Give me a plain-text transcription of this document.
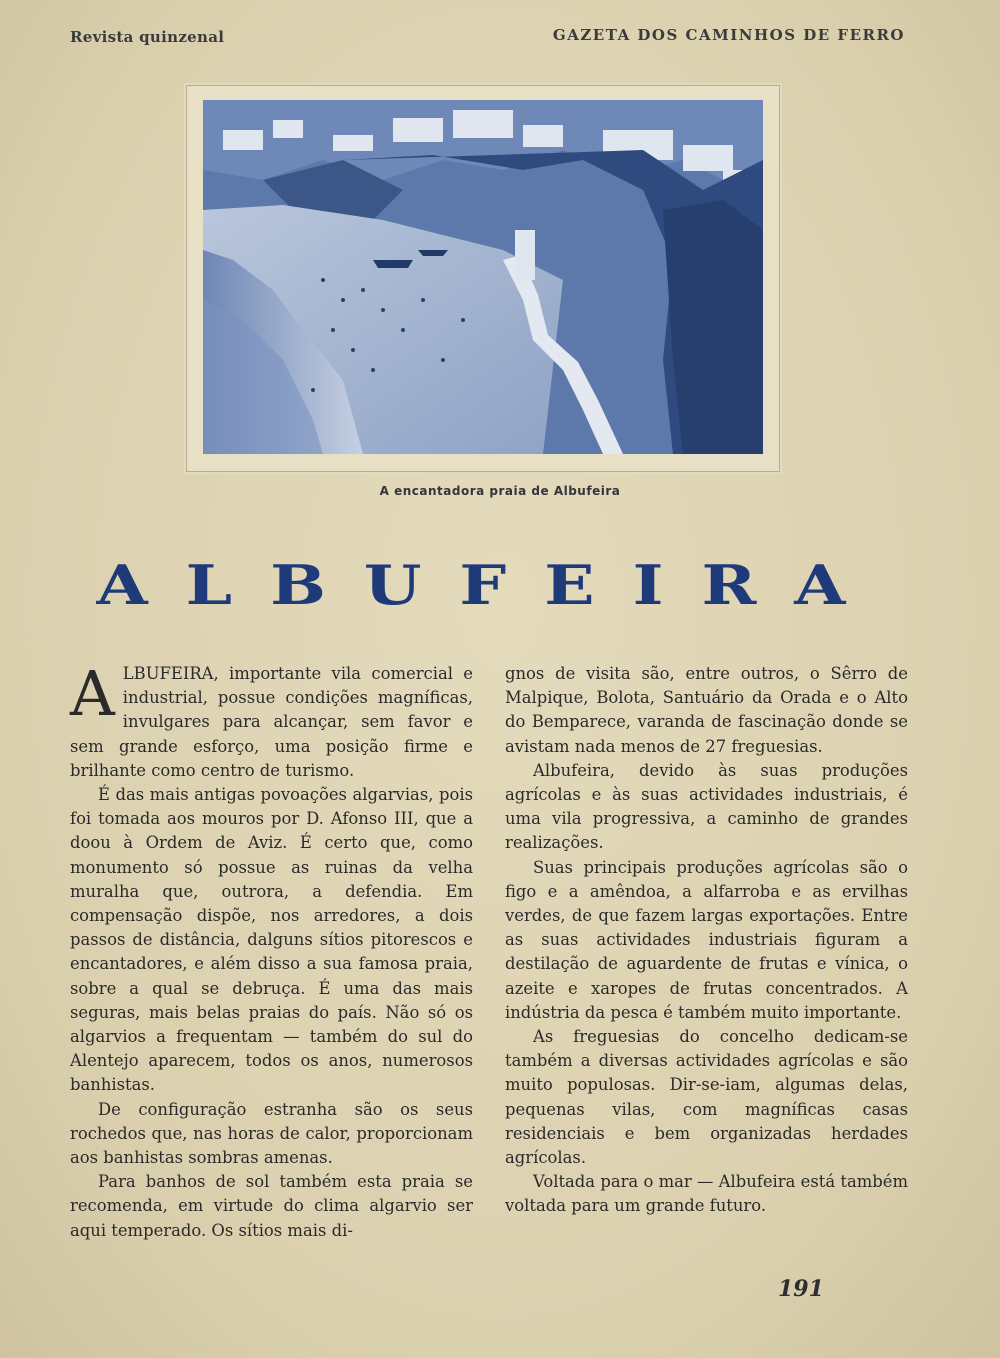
Revista quinzenal	GAZETA DOS CAMINHOS DE FERRO
A encantadora praia de Albufeira
ALBUFEIRA

ALBUFEIRA, importante vila comercial e industrial, possue condições magníficas, invulgares para alcançar, sem favor e sem grande esforço, uma posição firme e brilhante como centro de turismo.

É das mais antigas povoações algarvias, pois foi tomada aos mouros por D. Afonso III, que a doou à Ordem de Aviz. É certo que, como monumento só possue as ruinas da velha muralha que, outrora, a defendia. Em compensação dispõe, nos arredores, a dois passos de distância, dalguns sítios pitorescos e encantadores, e além disso a sua famosa praia, sobre a qual se debruça. É uma das mais seguras, mais belas praias do país. Não só os algarvios a frequentam — também do sul do Alentejo aparecem, todos os anos, numerosos banhistas.

De configuração estranha são os seus rochedos que, nas horas de calor, proporcionam aos banhistas sombras amenas.

Para banhos de sol também esta praia se recomenda, em virtude do clima algarvio ser aqui temperado. Os sítios mais di-

gnos de visita são, entre outros, o Sêrro de Malpique, Bolota, Santuário da Orada e o Alto do Bemparece, varanda de fascinação donde se avistam nada menos de 27 freguesias.

Albufeira, devido às suas produções agrícolas e às suas actividades industriais, é uma vila progressiva, a caminho de grandes realizações.

Suas principais produções agrícolas são o figo e a amêndoa, a alfarroba e as ervilhas verdes, de que fazem largas exportações. Entre as suas actividades industriais figuram a destilação de aguardente de frutas e vínica, o azeite e xaropes de frutas concentrados. A indústria da pesca é também muito importante.

As freguesias do concelho dedicam-se também a diversas actividades agrícolas e são muito populosas. Dir-se-iam, algumas delas, pequenas vilas, com magníficas casas residenciais e bem organizadas herdades agrícolas.

Voltada para o mar — Albufeira está também voltada para um grande futuro.

191
